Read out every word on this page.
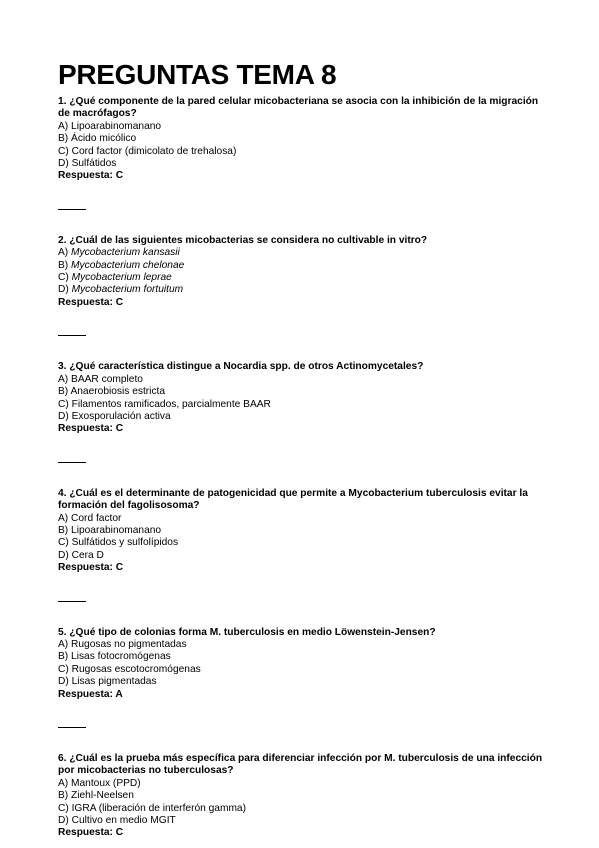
PREGUNTAS TEMA 8
1. ¿Qué componente de la pared celular micobacteriana se asocia con la inhibición de la migración de macrófagos?
A) Lipoarabinomanano
B) Ácido micólico
C) Cord factor (dimicolato de trehalosa)
D) Sulfátidos
Respuesta: C
2. ¿Cuál de las siguientes micobacterias se considera no cultivable in vitro?
A) Mycobacterium kansasii
B) Mycobacterium chelonae
C) Mycobacterium leprae
D) Mycobacterium fortuitum
Respuesta: C
3. ¿Qué característica distingue a Nocardia spp. de otros Actinomycetales?
A) BAAR completo
B) Anaerobiosis estricta
C) Filamentos ramificados, parcialmente BAAR
D) Exosporulación activa
Respuesta: C
4. ¿Cuál es el determinante de patogenicidad que permite a Mycobacterium tuberculosis evitar la formación del fagolisosoma?
A) Cord factor
B) Lipoarabinomanano
C) Sulfátidos y sulfolípidos
D) Cera D
Respuesta: C
5. ¿Qué tipo de colonias forma M. tuberculosis en medio Löwenstein-Jensen?
A) Rugosas no pigmentadas
B) Lisas fotocromógenas
C) Rugosas escotocromógenas
D) Lisas pigmentadas
Respuesta: A
6. ¿Cuál es la prueba más específica para diferenciar infección por M. tuberculosis de una infección por micobacterias no tuberculosas?
A) Mantoux (PPD)
B) Ziehl-Neelsen
C) IGRA (liberación de interferón gamma)
D) Cultivo en medio MGIT
Respuesta: C
